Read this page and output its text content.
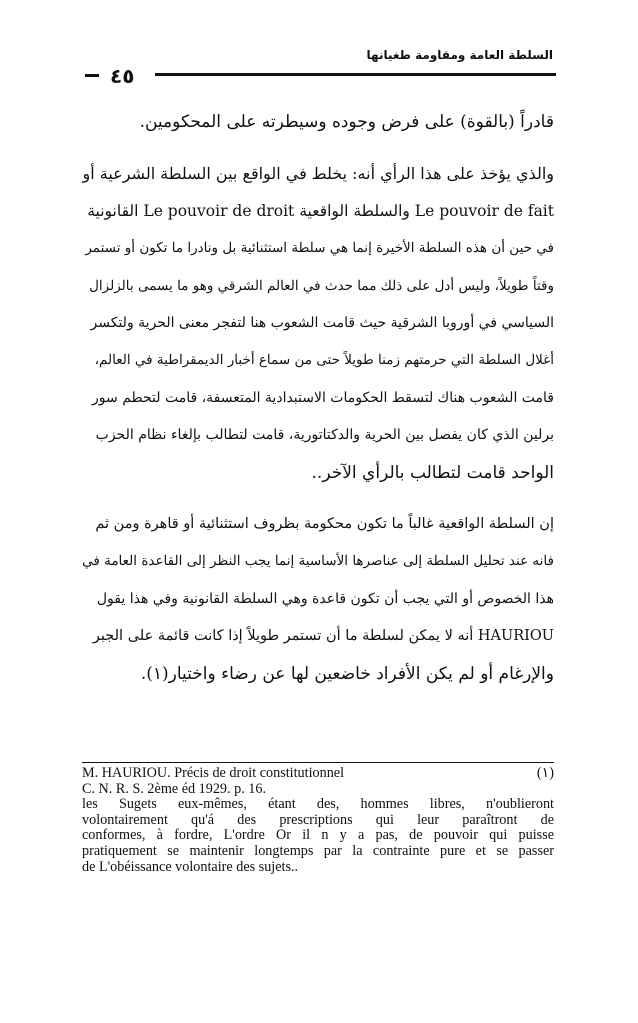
السلطة العامة ومقاومة طغيانها
٤٥
قادراً (بالقوة) على فرض وجوده وسيطرته على المحكومين.
والذي يؤخذ على هذا الرأي أنه: يخلط في الواقع بين السلطة الشرعية أو
Le pouvoir de fait والسلطة الواقعية Le pouvoir de droit القانونية
في حين أن هذه السلطة الأخيرة إنما هي سلطة استثنائية بل ونادرا ما تكون أو تستمر
وقتاً طويلاً، وليس أدل على ذلك مما حدث في العالم الشرقي وهو ما يسمى بالزلزال
السياسي في أوروبا الشرقية حيث قامت الشعوب هنا لتفجر معنى الحرية ولتكسر
أغلال السلطة التي حرمتهم زمنا طويلاً حتى من سماع أخبار الديمقراطية في العالم،
قامت الشعوب هناك لتسقط الحكومات الاستبدادية المتعسفة، قامت لتحطم سور
برلين الذي كان يفصل بين الحرية والدكتاتورية، قامت لتطالب بإلغاء نظام الحزب
الواحد قامت لتطالب بالرأي الآخر..
إن السلطة الواقعية غالباً ما تكون محكومة بظروف استثنائية أو قاهرة ومن ثم
فانه عند تحليل السلطة إلى عناصرها الأساسية إنما يجب النظر إلى القاعدة العامة في
هذا الخصوص أو التي يجب أن تكون قاعدة وهي السلطة القانونية وفي هذا يقول
HAURIOU أنه لا يمكن لسلطة ما أن تستمر طويلاً إذا كانت قائمة على الجبر
والإرغام أو لم يكن الأفراد خاضعين لها عن رضاء واختيار(١).
M. HAURIOU. Précis de droit constitutionnel	(١)
C. N. R. S. 2ème éd 1929. p. 16.
les Sugets eux-mêmes, étant des, hommes libres, n'oublieront
volontairement qu'á des prescriptions qui leur paraîtront de
conformes, à fordre, L'ordre Or il n y a pas, de pouvoir qui puisse
pratiquement se maintenir longtemps par la contrainte pure et se passer
de L'obéissance volontaire des sujets..
